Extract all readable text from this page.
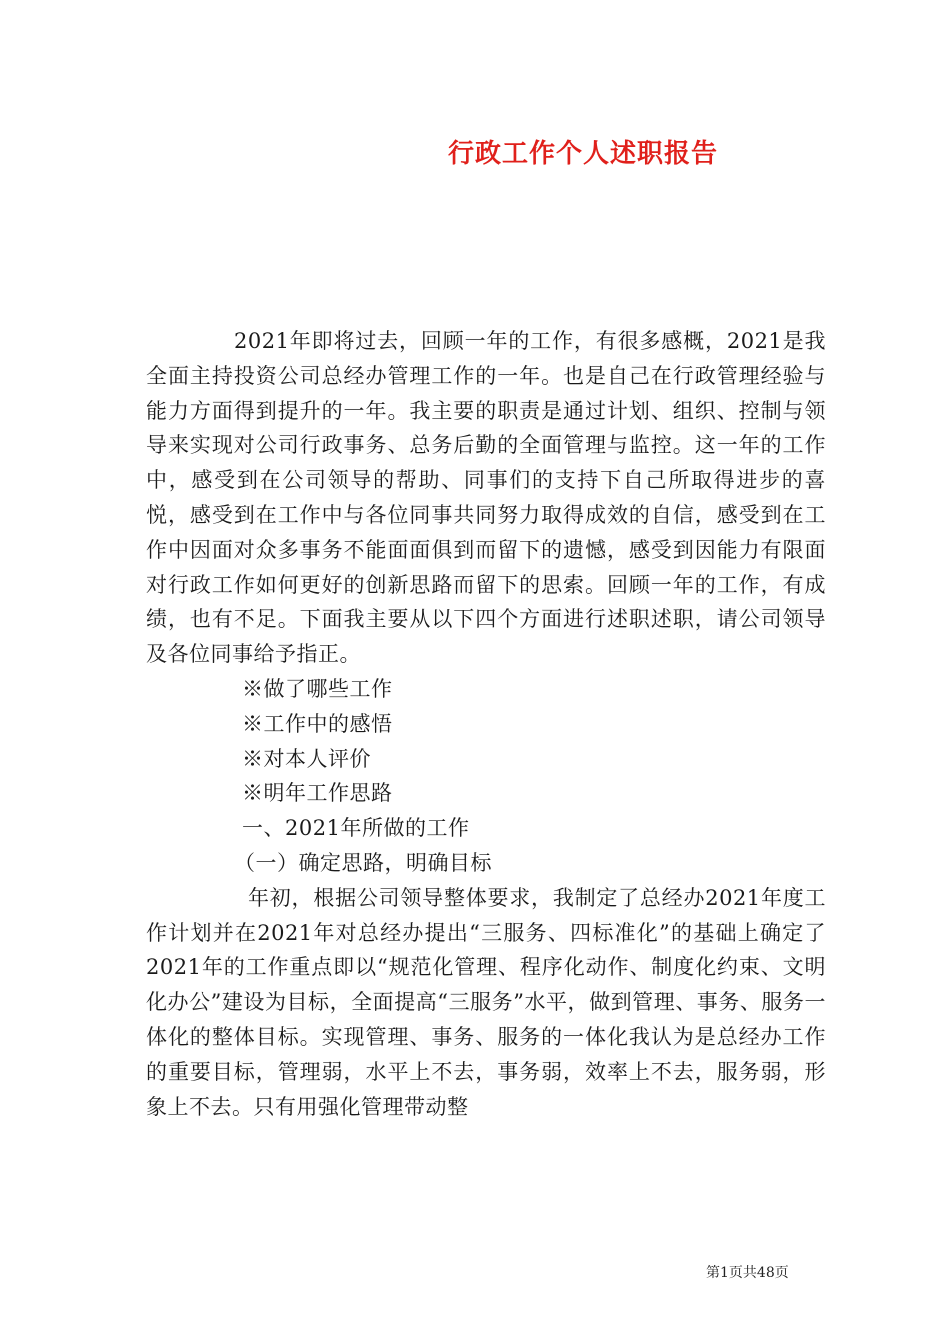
行政工作个人述职报告

2021年即将过去，回顾一年的工作，有很多感概，2021是我全面主持投资公司总经办管理工作的一年。也是自己在行政管理经验与能力方面得到提升的一年。我主要的职责是通过计划、组织、控制与领导来实现对公司行政事务、总务后勤的全面管理与监控。这一年的工作中，感受到在公司领导的帮助、同事们的支持下自己所取得进步的喜悦，感受到在工作中与各位同事共同努力取得成效的自信，感受到在工作中因面对众多事务不能面面俱到而留下的遗憾，感受到因能力有限面对行政工作如何更好的创新思路而留下的思索。回顾一年的工作，有成绩，也有不足。下面我主要从以下四个方面进行述职述职，请公司领导及各位同事给予指正。

※做了哪些工作

※工作中的感悟

※对本人评价

※明年工作思路

一、2021年所做的工作

（一）确定思路，明确目标

年初，根据公司领导整体要求，我制定了总经办2021年度工作计划并在2021年对总经办提出“三服务、四标准化”的基础上确定了2021年的工作重点即以“规范化管理、程序化动作、制度化约束、文明化办公”建设为目标，全面提高“三服务”水平，做到管理、事务、服务一体化的整体目标。实现管理、事务、服务的一体化我认为是总经办工作的重要目标，管理弱，水平上不去，事务弱，效率上不去，服务弱，形象上不去。只有用强化管理带动整

第1页共48页
